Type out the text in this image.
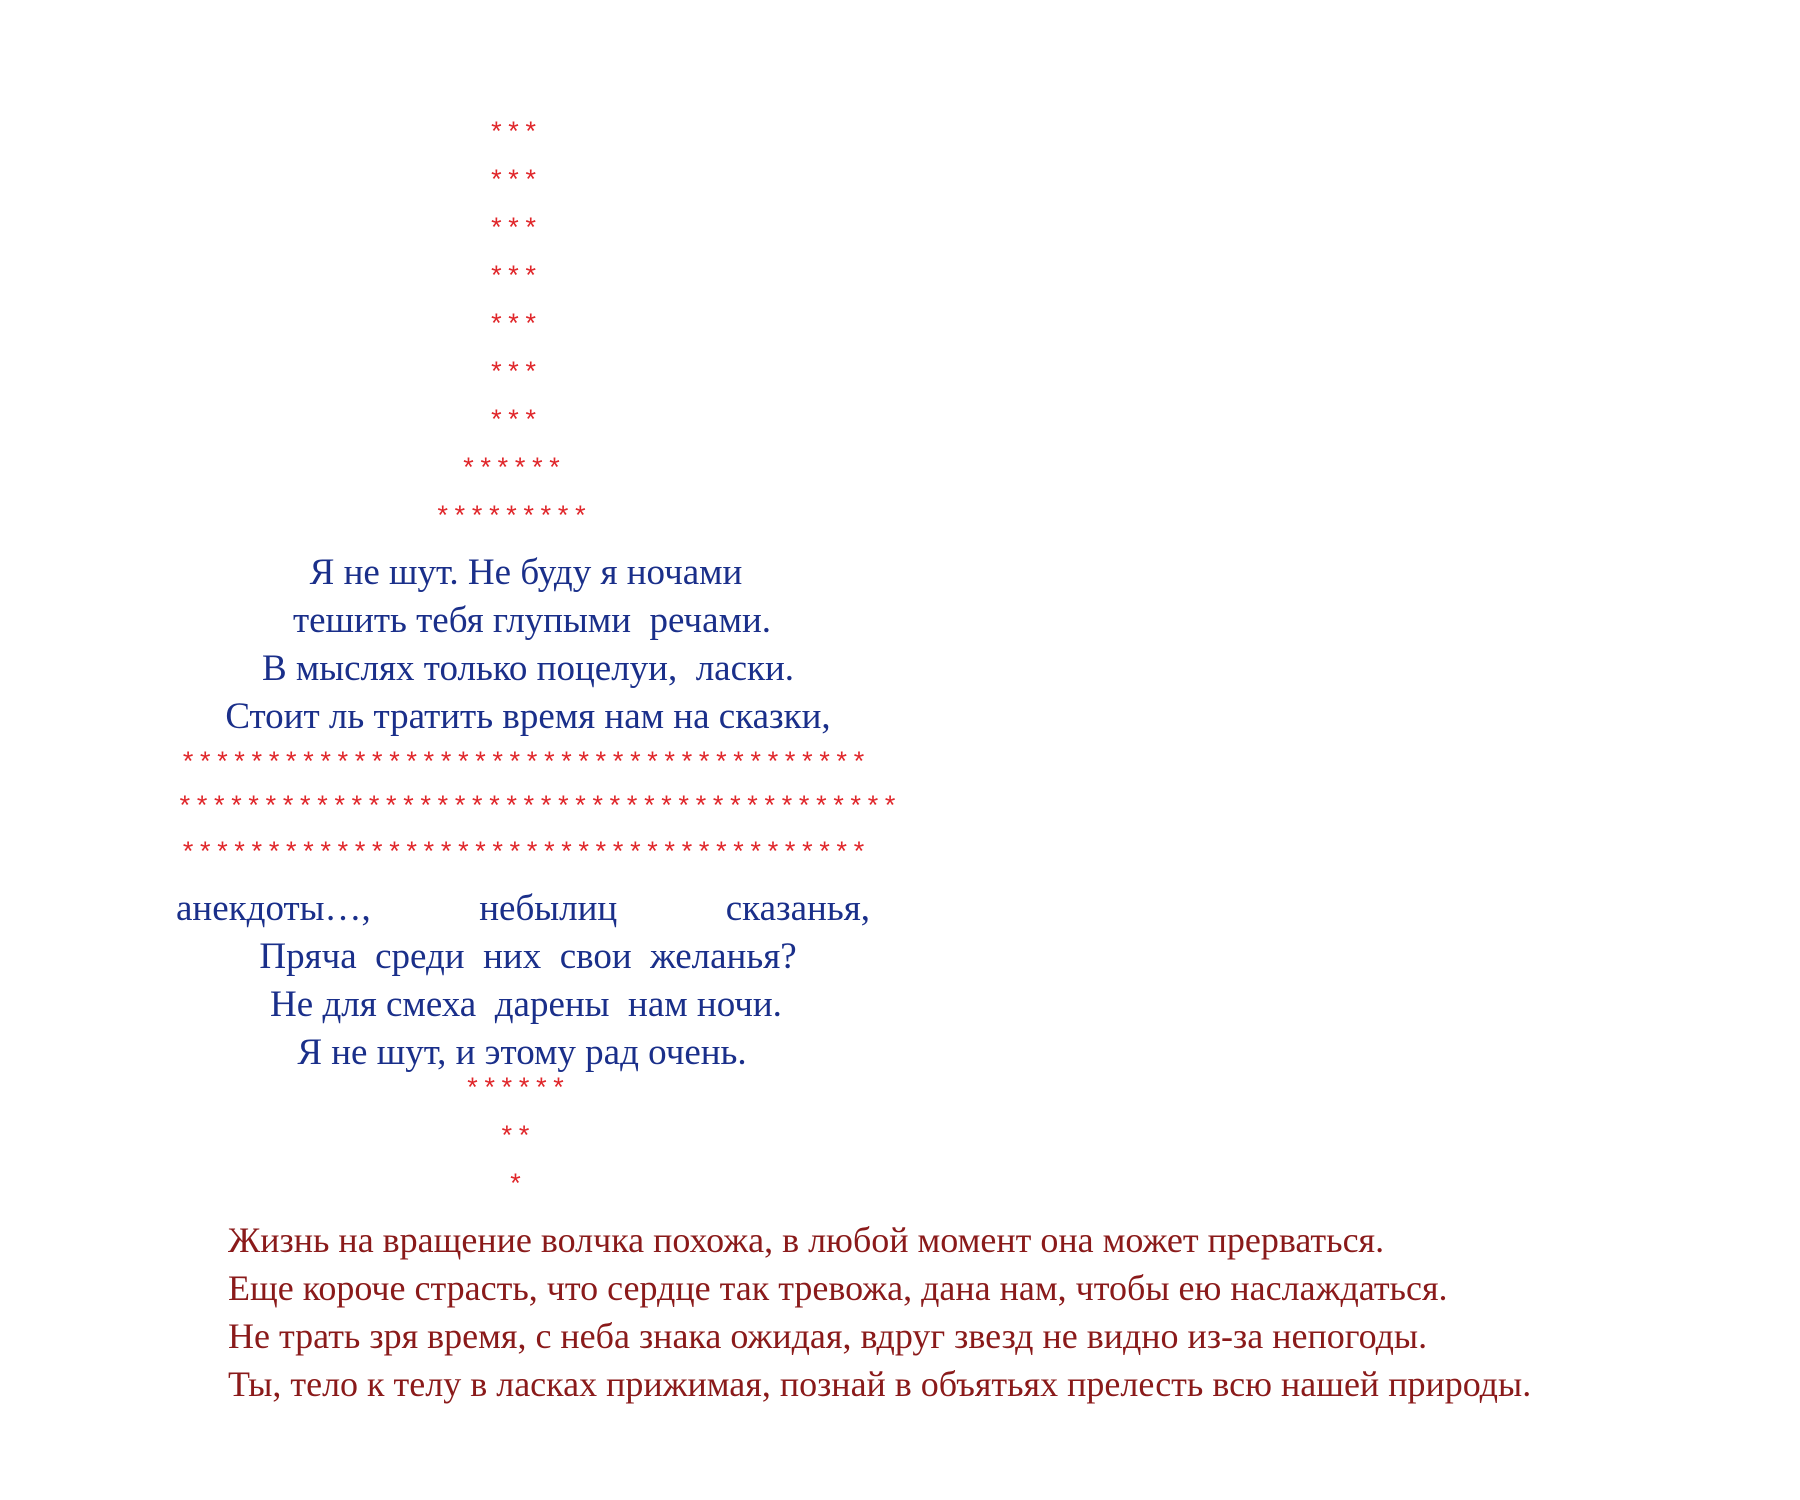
***
***
***
***
***
***
***
******
*********
Я не шут. Не буду я ночами
тешить тебя глупыми  речами.
В мыслях только поцелуи,  ласки.
Стоит ль тратить время нам на сказки,
****************************************
******************************************
****************************************
анекдоты…,	небылиц	сказанья,
Пряча  среди  них  свои  желанья?
Не для смеха  дарены  нам ночи.
Я не шут, и этому рад очень.
******
**
*
Жизнь на вращение волчка похожа, в любой момент она может прерваться.
Еще короче страсть, что сердце так тревожа, дана нам, чтобы ею наслаждаться.
Не трать зря время, с неба знака ожидая, вдруг звезд не видно из-за непогоды.
Ты, тело к телу в ласках прижимая, познай в объятьях прелесть всю нашей природы.
